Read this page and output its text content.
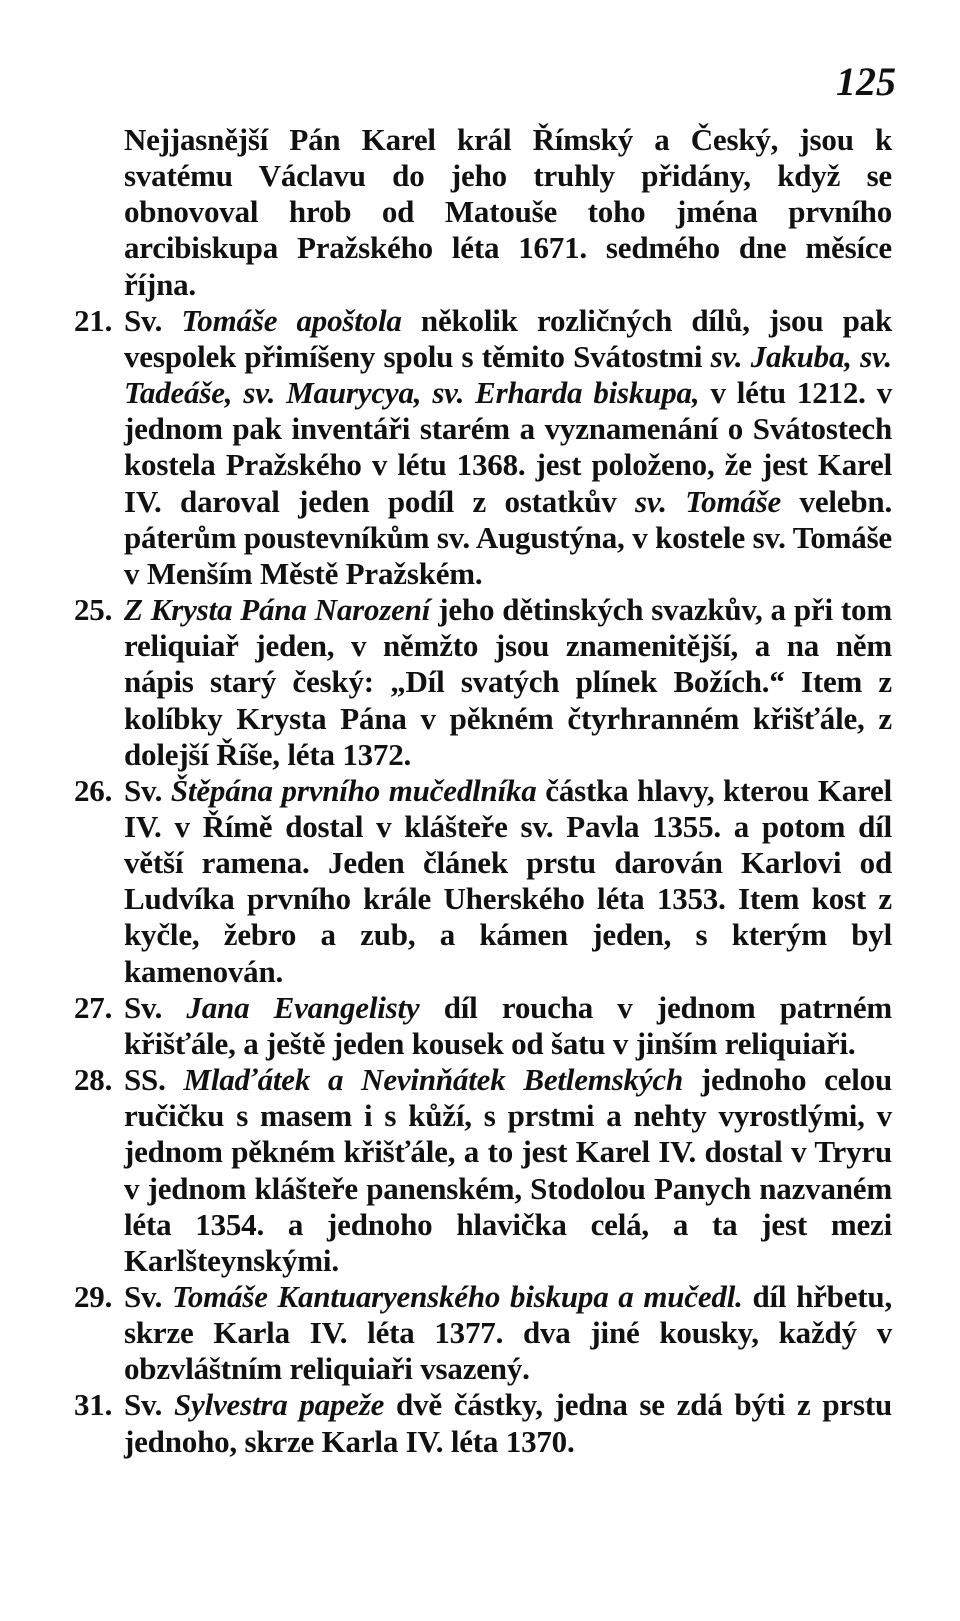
125
Nejjasnější Pán Karel král Římský a Český, jsou k svatému Václavu do jeho truhly přidány, když se obnovoval hrob od Matouše toho jména prvního arcibiskupa Pražského léta 1671. sedmého dne měsíce října.
21. Sv. Tomáše apoštola několik rozličných dílů, jsou pak vespolek přimíšeny spolu s těmito Svátostmi sv. Jakuba, sv. Tadeáše, sv. Maurycya, sv. Erharda biskupa, v létu 1212. v jednom pak inventáři starém a vyznamenání o Svátostech kostela Pražského v létu 1368. jest položeno, že jest Karel IV. daroval jeden podíl z ostatkův sv. Tomáše velebn. páterům poustevníkům sv. Augustýna, v kostele sv. Tomáše v Menším Městě Pražském.
25. Z Krysta Pána Narození jeho dětinských svazkův, a při tom reliquiař jeden, v němžto jsou znamenitější, a na něm nápis starý český: „Díl svatých plínek Božích.“ Item z kolíbky Krysta Pána v pěkném čtyrhranném křišťále, z dolejší Říše, léta 1372.
26. Sv. Štěpána prvního mučedlníka částka hlavy, kterou Karel IV. v Římě dostal v klášteře sv. Pavla 1355. a potom díl větší ramena. Jeden článek prstu darován Karlovi od Ludvíka prvního krále Uherského léta 1353. Item kost z kyčle, žebro a zub, a kámen jeden, s kterým byl kamenován.
27. Sv. Jana Evangelisty díl roucha v jednom patrném křišťále, a ještě jeden kousek od šatu v jinším reliquiaři.
28. SS. Mlaďátek a Nevinňátek Betlemských jednoho celou ručičku s masem i s kůží, s prstmi a nehty vyrostlými, v jednom pěkném křišťále, a to jest Karel IV. dostal v Tryru v jednom klášteře panenském, Stodolou Panych nazvaném léta 1354. a jednoho hlavička celá, a ta jest mezi Karlšteynskými.
29. Sv. Tomáše Kantuaryenského biskupa a mučedl. díl hřbetu, skrze Karla IV. léta 1377. dva jiné kousky, každý v obzvláštním reliquiaři vsazený.
31. Sv. Sylvestra papeže dvě částky, jedna se zdá býti z prstu jednoho, skrze Karla IV. léta 1370.
